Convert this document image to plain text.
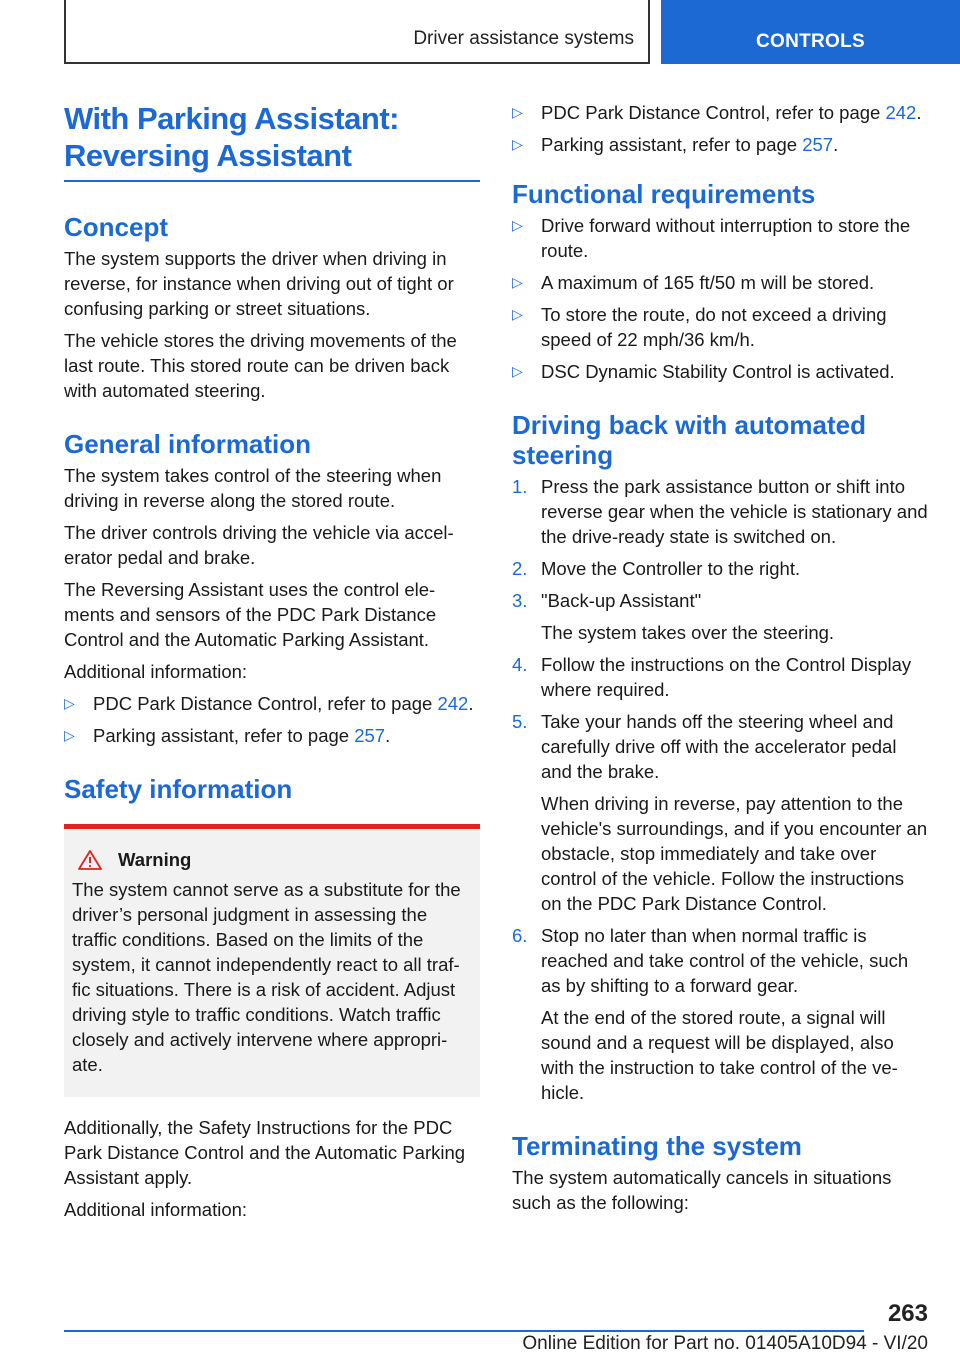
Driver assistance systems	CONTROLS
With Parking Assistant: Reversing Assistant
Concept

The system supports the driver when driving in reverse, for instance when driving out of tight or confusing parking or street situations.

The vehicle stores the driving movements of the last route. This stored route can be driven back with automated steering.

General information

The system takes control of the steering when driving in reverse along the stored route.

The driver controls driving the vehicle via accel‐erator pedal and brake.

The Reversing Assistant uses the control ele‐ments and sensors of the PDC Park Distance Control and the Automatic Parking Assistant.

Additional information:

▷ PDC Park Distance Control, refer to page 242.
▷ Parking assistant, refer to page 257.
Safety information
Warning

The system cannot serve as a substitute for the driver’s personal judgment in assessing the traffic conditions. Based on the limits of the system, it cannot independently react to all traf‐fic situations. There is a risk of accident. Adjust driving style to traffic conditions. Watch traffic closely and actively intervene where appropri‐ate.

Additionally, the Safety Instructions for the PDC Park Distance Control and the Automatic Parking Assistant apply.

Additional information:

▷ PDC Park Distance Control, refer to page 242.
▷ Parking assistant, refer to page 257.
Functional requirements
▷ Drive forward without interruption to store the route.
▷ A maximum of 165 ft/50 m will be stored.
▷ To store the route, do not exceed a driving speed of 22 mph/36 km/h.
▷ DSC Dynamic Stability Control is activated.
Driving back with automated steering
1. Press the park assistance button or shift into reverse gear when the vehicle is stationary and the drive-ready state is switched on.
2. Move the Controller to the right.
3. "Back-up Assistant"
The system takes over the steering.
4. Follow the instructions on the Control Display where required.
5. Take your hands off the steering wheel and carefully drive off with the accelerator pedal and the brake.
When driving in reverse, pay attention to the vehicle's surroundings, and if you encounter an obstacle, stop immediately and take over control of the vehicle. Follow the instructions on the PDC Park Distance Control.
6. Stop no later than when normal traffic is reached and take control of the vehicle, such as by shifting to a forward gear.
At the end of the stored route, a signal will sound and a request will be displayed, also with the instruction to take control of the ve‐hicle.
Terminating the system

The system automatically cancels in situations such as the following:

263
Online Edition for Part no. 01405A10D94 - VI/20
